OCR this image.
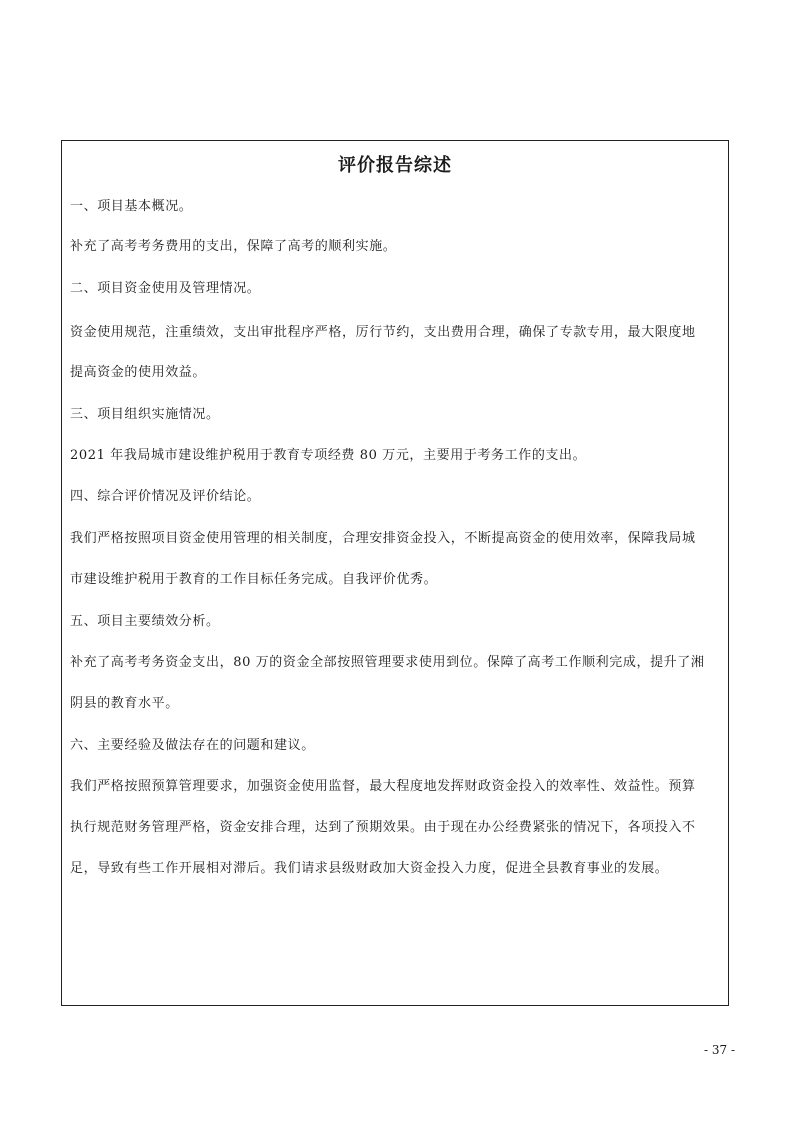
评价报告综述
一、项目基本概况。
补充了高考考务费用的支出，保障了高考的顺利实施。
二、项目资金使用及管理情况。
资金使用规范，注重绩效，支出审批程序严格，厉行节约，支出费用合理，确保了专款专用，最大限度地
提高资金的使用效益。
三、项目组织实施情况。
2021 年我局城市建设维护税用于教育专项经费 80 万元，主要用于考务工作的支出。
四、综合评价情况及评价结论。
我们严格按照项目资金使用管理的相关制度，合理安排资金投入，不断提高资金的使用效率，保障我局城
市建设维护税用于教育的工作目标任务完成。自我评价优秀。
五、项目主要绩效分析。
补充了高考考务资金支出，80 万的资金全部按照管理要求使用到位。保障了高考工作顺利完成，提升了湘
阴县的教育水平。
六、主要经验及做法存在的问题和建议。
我们严格按照预算管理要求，加强资金使用监督，最大程度地发挥财政资金投入的效率性、效益性。预算
执行规范财务管理严格，资金安排合理，达到了预期效果。由于现在办公经费紧张的情况下，各项投入不
足，导致有些工作开展相对滞后。我们请求县级财政加大资金投入力度，促进全县教育事业的发展。
- 37 -
